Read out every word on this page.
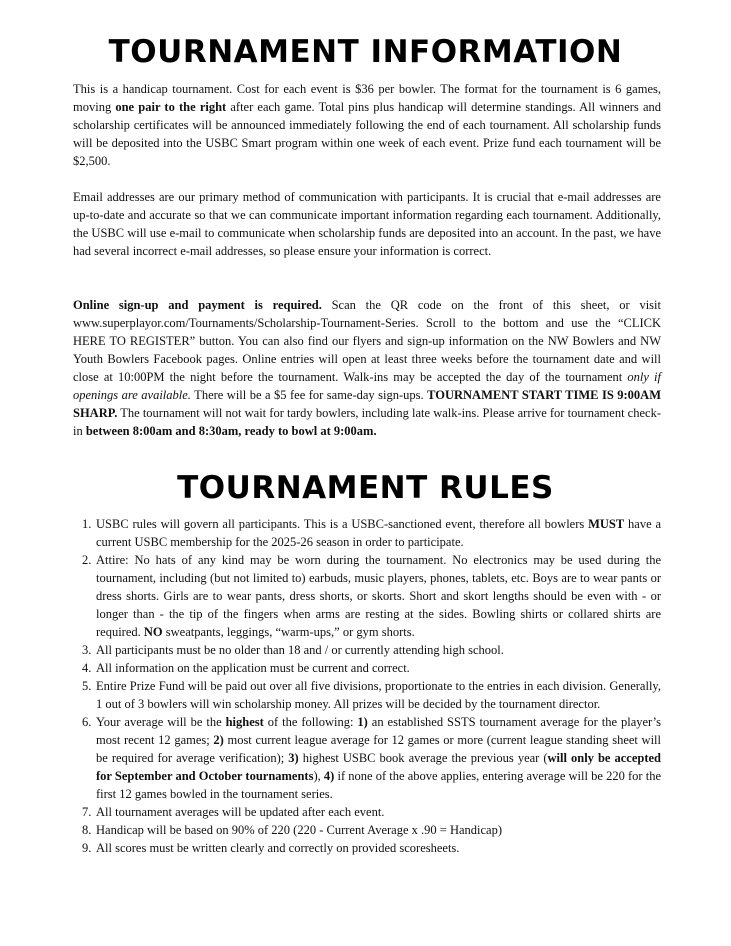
TOURNAMENT INFORMATION

This is a handicap tournament. Cost for each event is $36 per bowler. The format for the tournament is 6 games, moving one pair to the right after each game. Total pins plus handicap will determine standings. All winners and scholarship certificates will be announced immediately following the end of each tournament. All scholarship funds will be deposited into the USBC Smart program within one week of each event. Prize fund each tournament will be $2,500.

Email addresses are our primary method of communication with participants. It is crucial that e-mail addresses are up-to-date and accurate so that we can communicate important information regarding each tournament. Additionally, the USBC will use e-mail to communicate when scholarship funds are deposited into an account. In the past, we have had several incorrect e-mail addresses, so please ensure your information is correct.

Online sign-up and payment is required. Scan the QR code on the front of this sheet, or visit www.superplayor.com/Tournaments/Scholarship-Tournament-Series. Scroll to the bottom and use the “CLICK HERE TO REGISTER” button. You can also find our flyers and sign-up information on the NW Bowlers and NW Youth Bowlers Facebook pages. Online entries will open at least three weeks before the tournament date and will close at 10:00PM the night before the tournament. Walk-ins may be accepted the day of the tournament only if openings are available. There will be a $5 fee for same-day sign-ups. TOURNAMENT START TIME IS 9:00AM SHARP. The tournament will not wait for tardy bowlers, including late walk-ins. Please arrive for tournament check-in between 8:00am and 8:30am, ready to bowl at 9:00am.

TOURNAMENT RULES
1. USBC rules will govern all participants. This is a USBC-sanctioned event, therefore all bowlers MUST have a current USBC membership for the 2025-26 season in order to participate.
2. Attire: No hats of any kind may be worn during the tournament. No electronics may be used during the tournament, including (but not limited to) earbuds, music players, phones, tablets, etc. Boys are to wear pants or dress shorts. Girls are to wear pants, dress shorts, or skorts. Short and skort lengths should be even with - or longer than - the tip of the fingers when arms are resting at the sides. Bowling shirts or collared shirts are required. NO sweatpants, leggings, “warm-ups,” or gym shorts.
3. All participants must be no older than 18 and / or currently attending high school.
4. All information on the application must be current and correct.
5. Entire Prize Fund will be paid out over all five divisions, proportionate to the entries in each division. Generally, 1 out of 3 bowlers will win scholarship money. All prizes will be decided by the tournament director.
6. Your average will be the highest of the following: 1) an established SSTS tournament average for the player’s most recent 12 games; 2) most current league average for 12 games or more (current league standing sheet will be required for average verification); 3) highest USBC book average the previous year (will only be accepted for September and October tournaments), 4) if none of the above applies, entering average will be 220 for the first 12 games bowled in the tournament series.
7. All tournament averages will be updated after each event.
8. Handicap will be based on 90% of 220 (220 - Current Average x .90 = Handicap)
9. All scores must be written clearly and correctly on provided scoresheets.
